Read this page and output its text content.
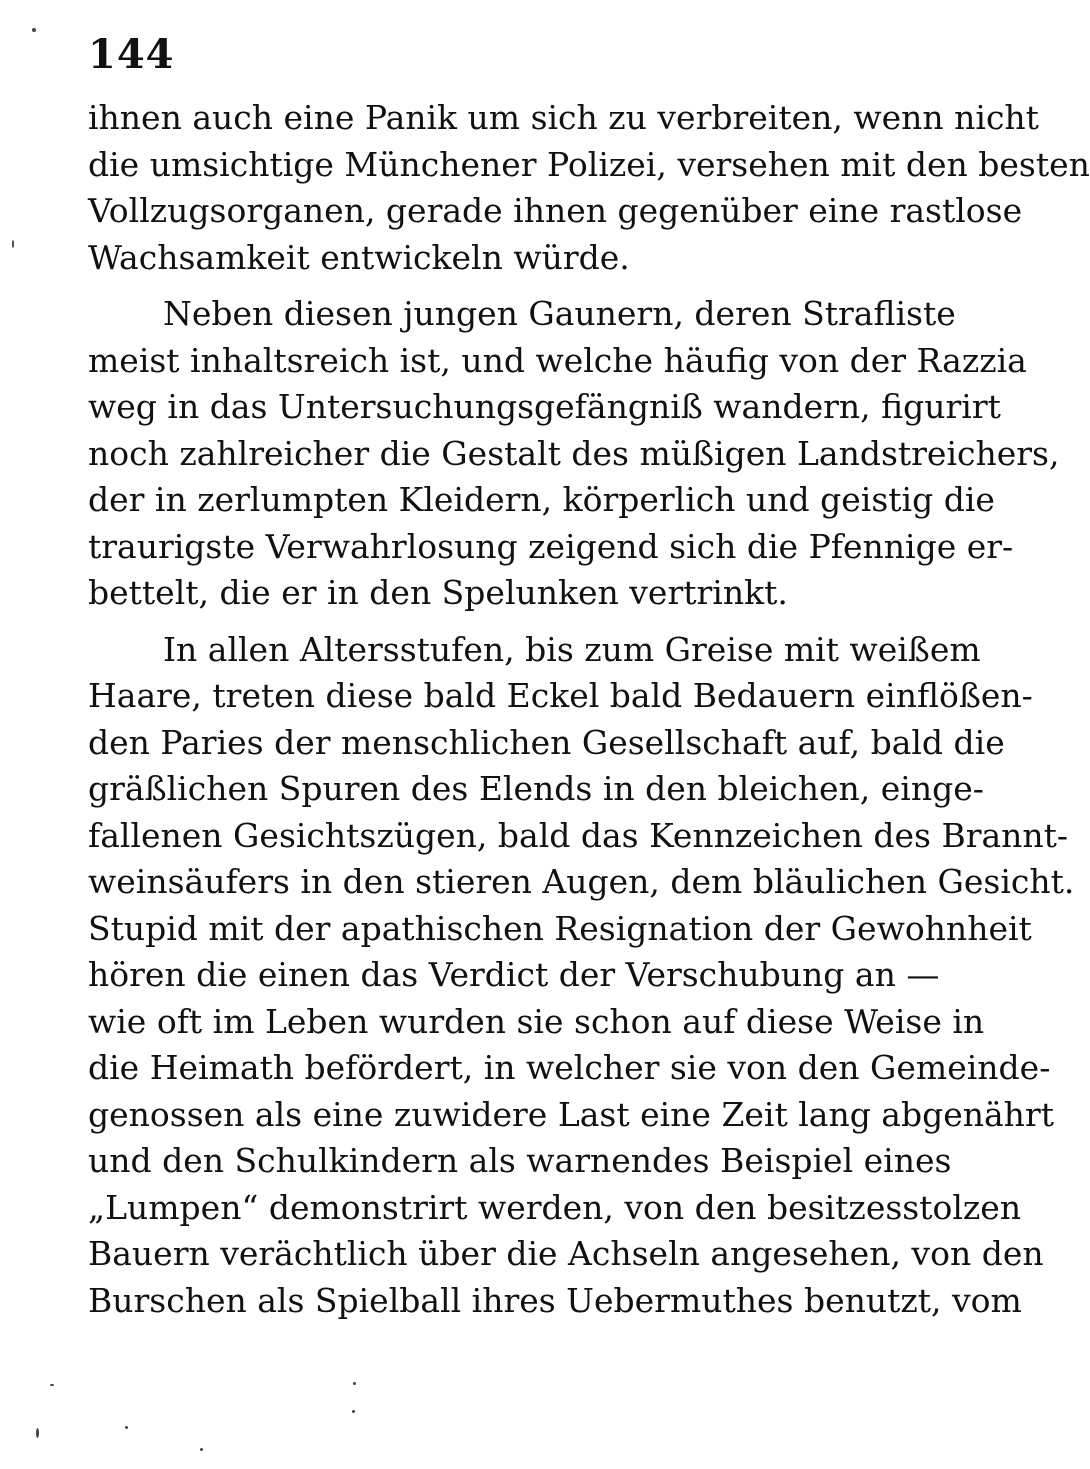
144
ihnen auch eine Panik um sich zu verbreiten, wenn nicht
die umsichtige Münchener Polizei, versehen mit den besten
Vollzugsorganen, gerade ihnen gegenüber eine rastlose
Wachsamkeit entwickeln würde.
Neben diesen jungen Gaunern, deren Strafliste
meist inhaltsreich ist, und welche häufig von der Razzia
weg in das Untersuchungsgefängniß wandern, figurirt
noch zahlreicher die Gestalt des müßigen Landstreichers,
der in zerlumpten Kleidern, körperlich und geistig die
traurigste Verwahrlosung zeigend sich die Pfennige er-
bettelt, die er in den Spelunken vertrinkt.
In allen Altersstufen, bis zum Greise mit weißem
Haare, treten diese bald Eckel bald Bedauern einflößen-
den Paries der menschlichen Gesellschaft auf, bald die
gräßlichen Spuren des Elends in den bleichen, einge-
fallenen Gesichtszügen, bald das Kennzeichen des Brannt-
weinsäufers in den stieren Augen, dem bläulichen Gesicht.
Stupid mit der apathischen Resignation der Gewohnheit
hören die einen das Verdict der Verschubung an —
wie oft im Leben wurden sie schon auf diese Weise in
die Heimath befördert, in welcher sie von den Gemeinde-
genossen als eine zuwidere Last eine Zeit lang abgenährt
und den Schulkindern als warnendes Beispiel eines
„Lumpen“ demonstrirt werden, von den besitzesstolzen
Bauern verächtlich über die Achseln angesehen, von den
Burschen als Spielball ihres Uebermuthes benutzt, vom
